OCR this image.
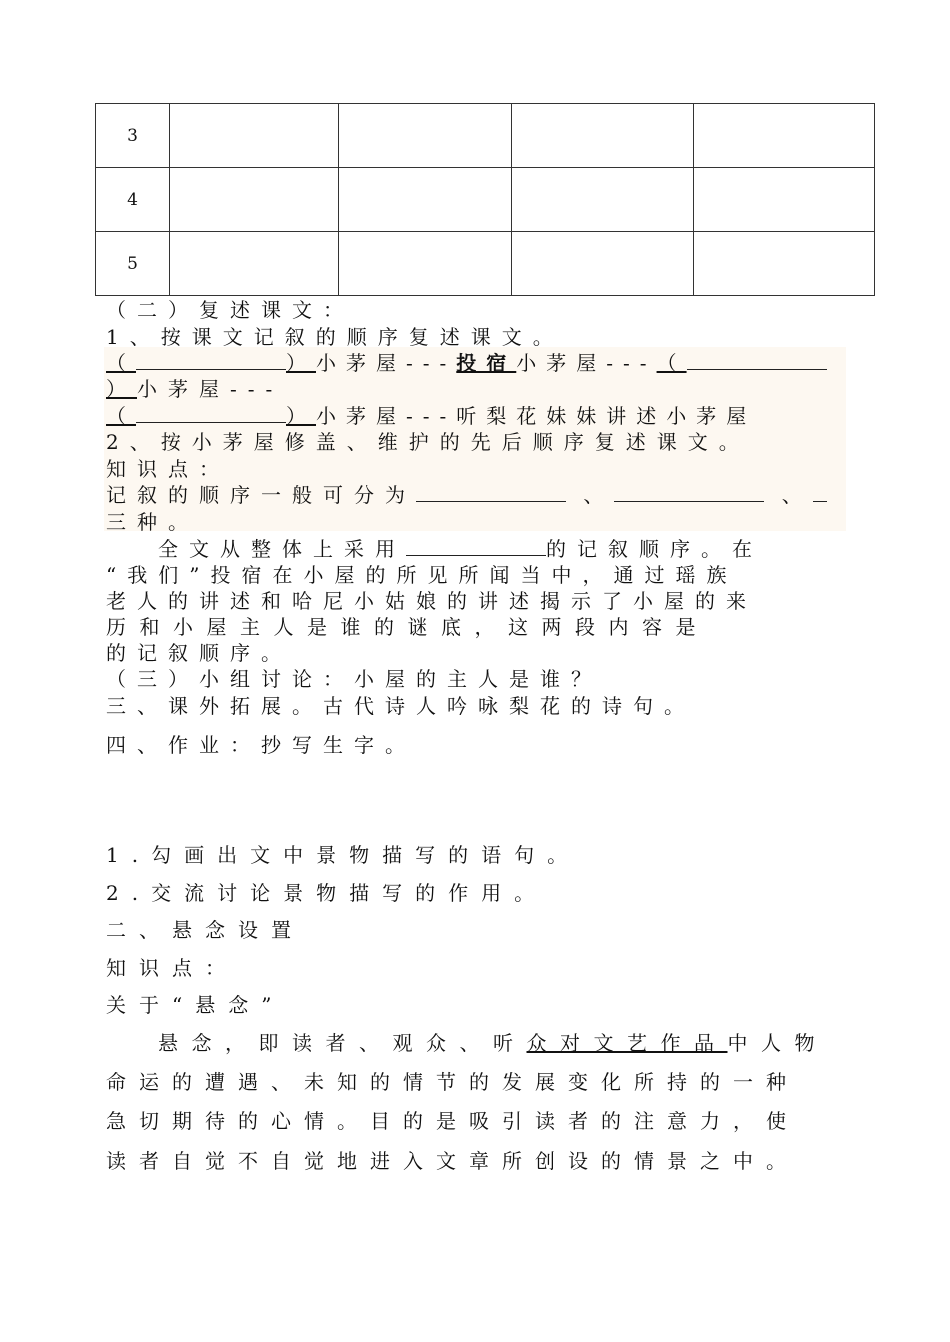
3				
4				
5				
（二）复述课文：
1、按课文记叙的顺序复述课文。
（	）小茅屋---投宿小茅屋---（
）小茅屋---
（	）小茅屋---听梨花妹妹讲述小茅屋
2、按小茅屋修盖、维护的先后顺序复述课文。
知识点：
记叙的顺序一般可分为	、	、
三种。
全文从整体上采用	的记叙顺序。在
“我们”投宿在小屋的所见所闻当中，通过瑶族
老人的讲述和哈尼小姑娘的讲述揭示了小屋的来
历和小屋主人是谁的谜底，这两段内容是
的记叙顺序。
（三）小组讨论：小屋的主人是谁？
三、课外拓展。古代诗人吟咏梨花的诗句。
四、作业：抄写生字。
1.勾画出文中景物描写的语句。
2.交流讨论景物描写的作用。
二、悬念设置
知识点：
关于“悬念”
悬念，即读者、观众、听众对文艺作品中人物
命运的遭遇、未知的情节的发展变化所持的一种
急切期待的心情。目的是吸引读者的注意力，使
读者自觉不自觉地进入文章所创设的情景之中。
